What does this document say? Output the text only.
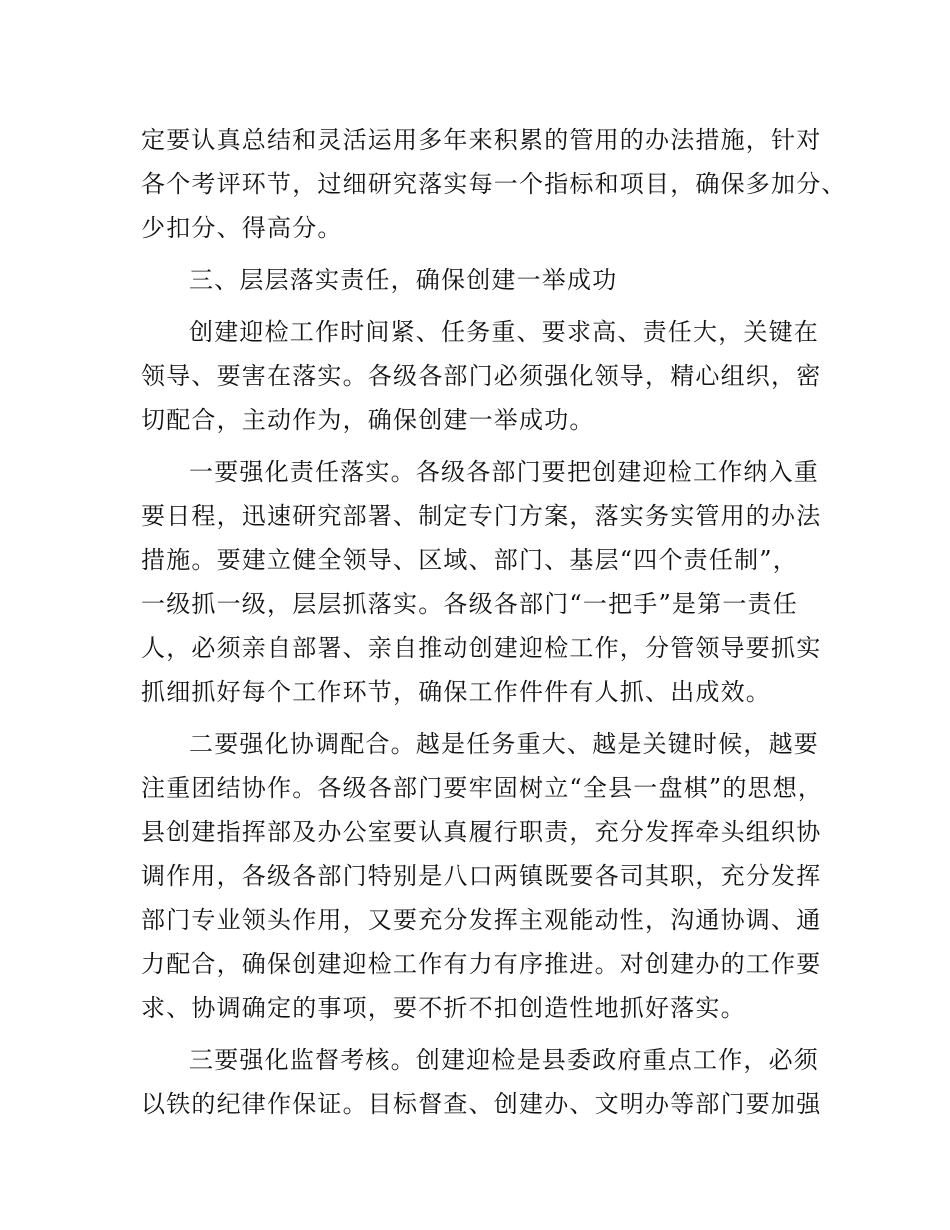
定要认真总结和灵活运用多年来积累的管用的办法措施，针对
各个考评环节，过细研究落实每一个指标和项目，确保多加分、
少扣分、得高分。
三、层层落实责任，确保创建一举成功
创建迎检工作时间紧、任务重、要求高、责任大，关键在
领导、要害在落实。各级各部门必须强化领导，精心组织，密
切配合，主动作为，确保创建一举成功。
一要强化责任落实。各级各部门要把创建迎检工作纳入重
要日程，迅速研究部署、制定专门方案，落实务实管用的办法
措施。要建立健全领导、区域、部门、基层“四个责任制”，
一级抓一级，层层抓落实。各级各部门“一把手”是第一责任
人，必须亲自部署、亲自推动创建迎检工作，分管领导要抓实
抓细抓好每个工作环节，确保工作件件有人抓、出成效。
二要强化协调配合。越是任务重大、越是关键时候，越要
注重团结协作。各级各部门要牢固树立“全县一盘棋”的思想，
县创建指挥部及办公室要认真履行职责，充分发挥牵头组织协
调作用，各级各部门特别是八口两镇既要各司其职，充分发挥
部门专业领头作用，又要充分发挥主观能动性，沟通协调、通
力配合，确保创建迎检工作有力有序推进。对创建办的工作要
求、协调确定的事项，要不折不扣创造性地抓好落实。
三要强化监督考核。创建迎检是县委政府重点工作，必须
以铁的纪律作保证。目标督查、创建办、文明办等部门要加强
